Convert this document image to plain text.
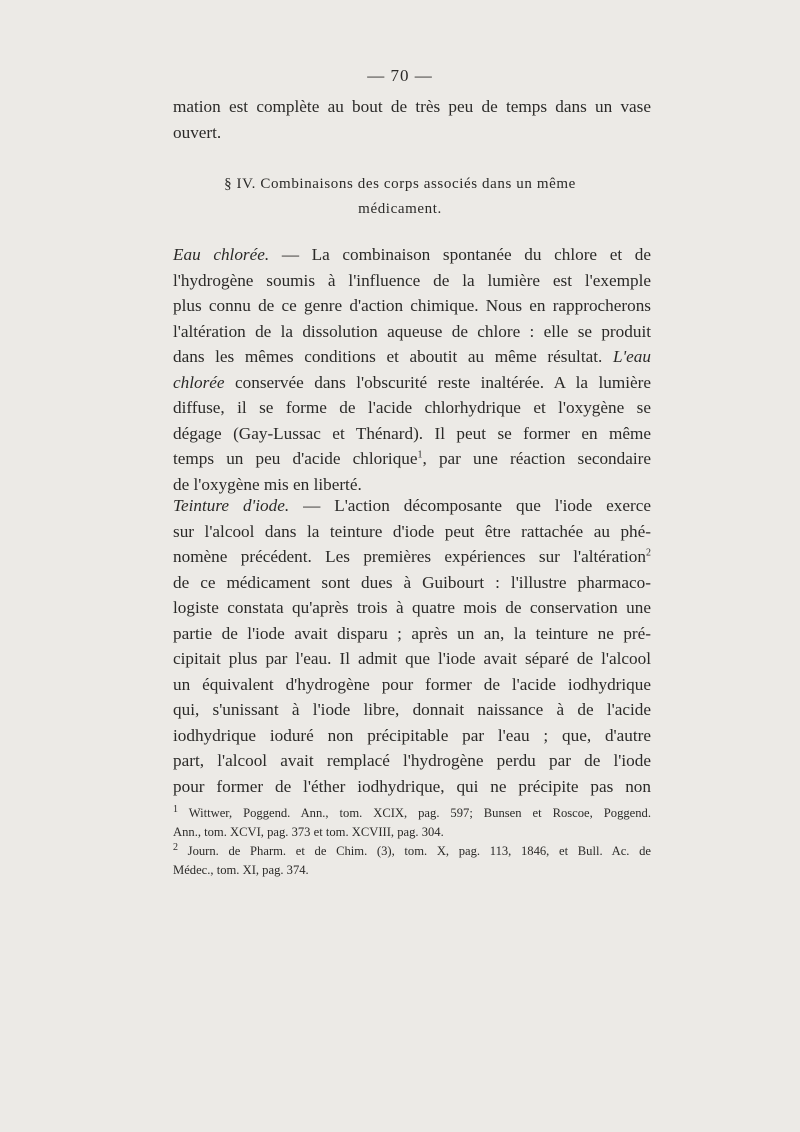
— 70 —
mation est complète au bout de très peu de temps dans un vase
ouvert.
§ IV. Combinaisons des corps associés dans un même
médicament.
Eau chlorée. — La combinaison spontanée du chlore et de
l'hydrogène soumis à l'influence de la lumière est l'exemple
plus connu de ce genre d'action chimique. Nous en rapprocherons
l'altération de la dissolution aqueuse de chlore : elle se produit
dans les mêmes conditions et aboutit au même résultat. L'eau
chlorée conservée dans l'obscurité reste inaltérée. A la lumière
diffuse, il se forme de l'acide chlorhydrique et l'oxygène se
dégage (Gay-Lussac et Thénard). Il peut se former en même
temps un peu d'acide chlorique$^1$, par une réaction secondaire
de l'oxygène mis en liberté.
Teinture d'iode. — L'action décomposante que l'iode exerce
sur l'alcool dans la teinture d'iode peut être rattachée au phé-
nomène précédent. Les premières expériences sur l'altération$^2$
de ce médicament sont dues à Guibourt : l'illustre pharmaco-
logiste constata qu'après trois à quatre mois de conservation une
partie de l'iode avait disparu ; après un an, la teinture ne pré-
cipitait plus par l'eau. Il admit que l'iode avait séparé de l'alcool
un équivalent d'hydrogène pour former de l'acide iodhydrique
qui, s'unissant à l'iode libre, donnait naissance à de l'acide
iodhydrique ioduré non précipitable par l'eau ; que, d'autre
part, l'alcool avait remplacé l'hydrogène perdu par de l'iode
pour former de l'éther iodhydrique, qui ne précipite pas non
$^1$ Wittwer, Poggend. Ann., tom. XCIX, pag. 597; Bunsen et Roscoe, Poggend.
Ann., tom. XCVI, pag. 373 et tom. XCVIII, pag. 304.
$^2$ Journ. de Pharm. et de Chim. (3), tom. X, pag. 113, 1846, et Bull. Ac. de
Médec., tom. XI, pag. 374.
